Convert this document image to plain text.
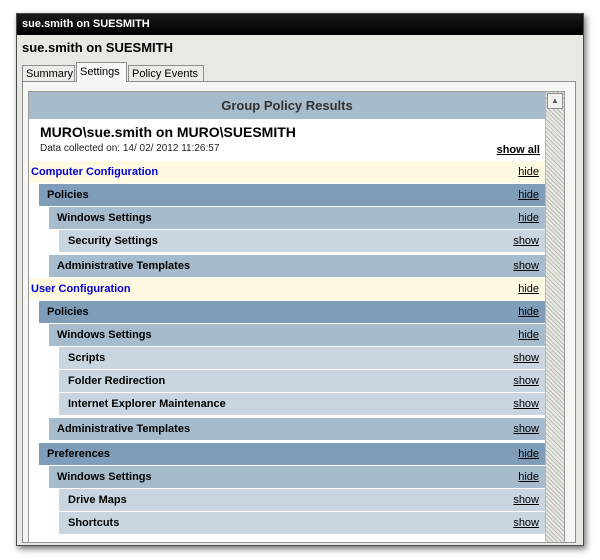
sue.smith on SUESMITH
sue.smith on SUESMITH
Summary Settings	Policy Events
Group Policy Results
MURO\sue.smith on MURO\SUESMITH
Data collected on: 14/ 02/ 2012 11:26:57	show all
Computer Configuration	hide
Policies	hide
Windows Settings	hide
Security Settings	show
Administrative Templates	show
User Configuration	hide
Policies	hide
Windows Settings	hide
Scripts	show
Folder Redirection	show
Internet Explorer Maintenance	show
Administrative Templates	show
Preferences	hide
Windows Settings	hide
Drive Maps	show
Shortcuts	show
▲
